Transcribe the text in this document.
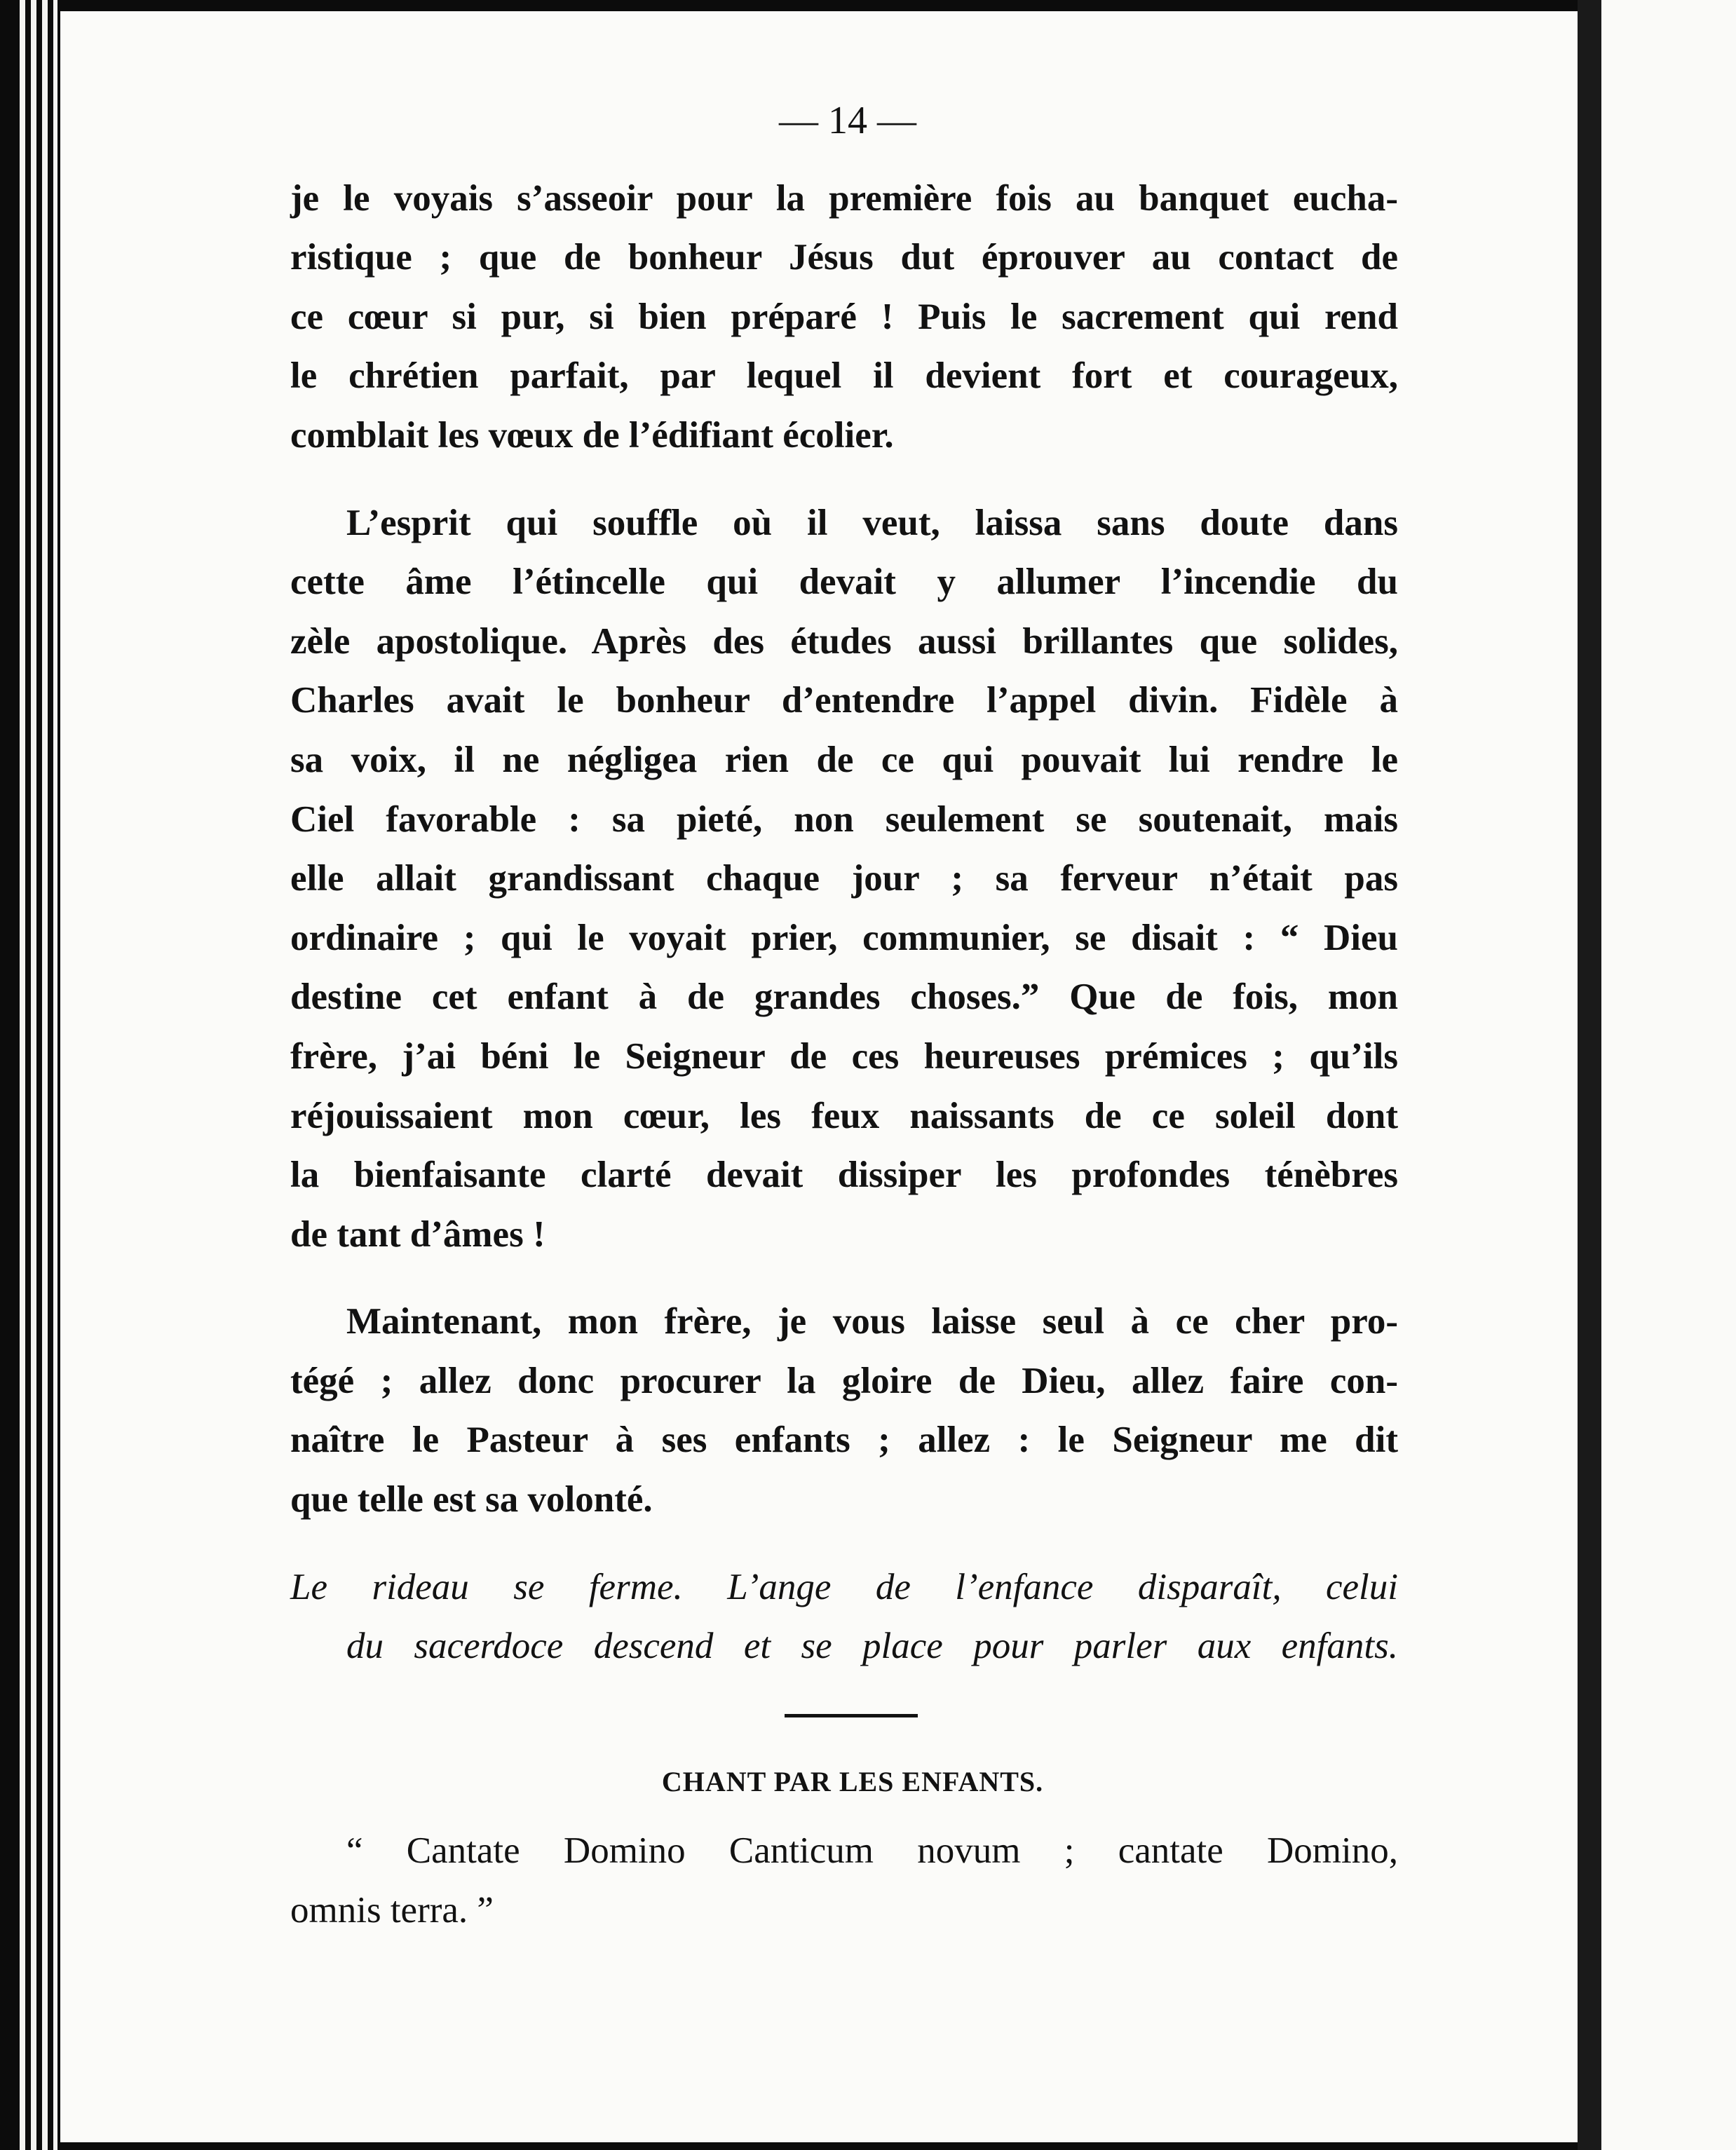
— 14 —
je le voyais s’asseoir pour la première fois au banquet eucha-
ristique ; que de bonheur Jésus dut éprouver au contact de
ce cœur si pur, si bien préparé ! Puis le sacrement qui rend
le chrétien parfait, par lequel il devient fort et courageux,
comblait les vœux de l’édifiant écolier.
L’esprit qui souffle où il veut, laissa sans doute dans
cette âme l’étincelle qui devait y allumer l’incendie du
zèle apostolique. Après des études aussi brillantes que solides,
Charles avait le bonheur d’entendre l’appel divin. Fidèle à
sa voix, il ne négligea rien de ce qui pouvait lui rendre le
Ciel favorable : sa pieté, non seulement se soutenait, mais
elle allait grandissant chaque jour ; sa ferveur n’était pas
ordinaire ; qui le voyait prier, communier, se disait : “ Dieu
destine cet enfant à de grandes choses.” Que de fois, mon
frère, j’ai béni le Seigneur de ces heureuses prémices ; qu’ils
réjouissaient mon cœur, les feux naissants de ce soleil dont
la bienfaisante clarté devait dissiper les profondes ténèbres
de tant d’âmes !
Maintenant, mon frère, je vous laisse seul à ce cher pro-
tégé ; allez donc procurer la gloire de Dieu, allez faire con-
naître le Pasteur à ses enfants ; allez : le Seigneur me dit
que telle est sa volonté.
Le rideau se ferme. L’ange de l’enfance disparaît, celui
du sacerdoce descend et se place pour parler aux enfants.
CHANT PAR LES ENFANTS.
“ Cantate Domino Canticum novum ; cantate Domino,
omnis terra. ”
